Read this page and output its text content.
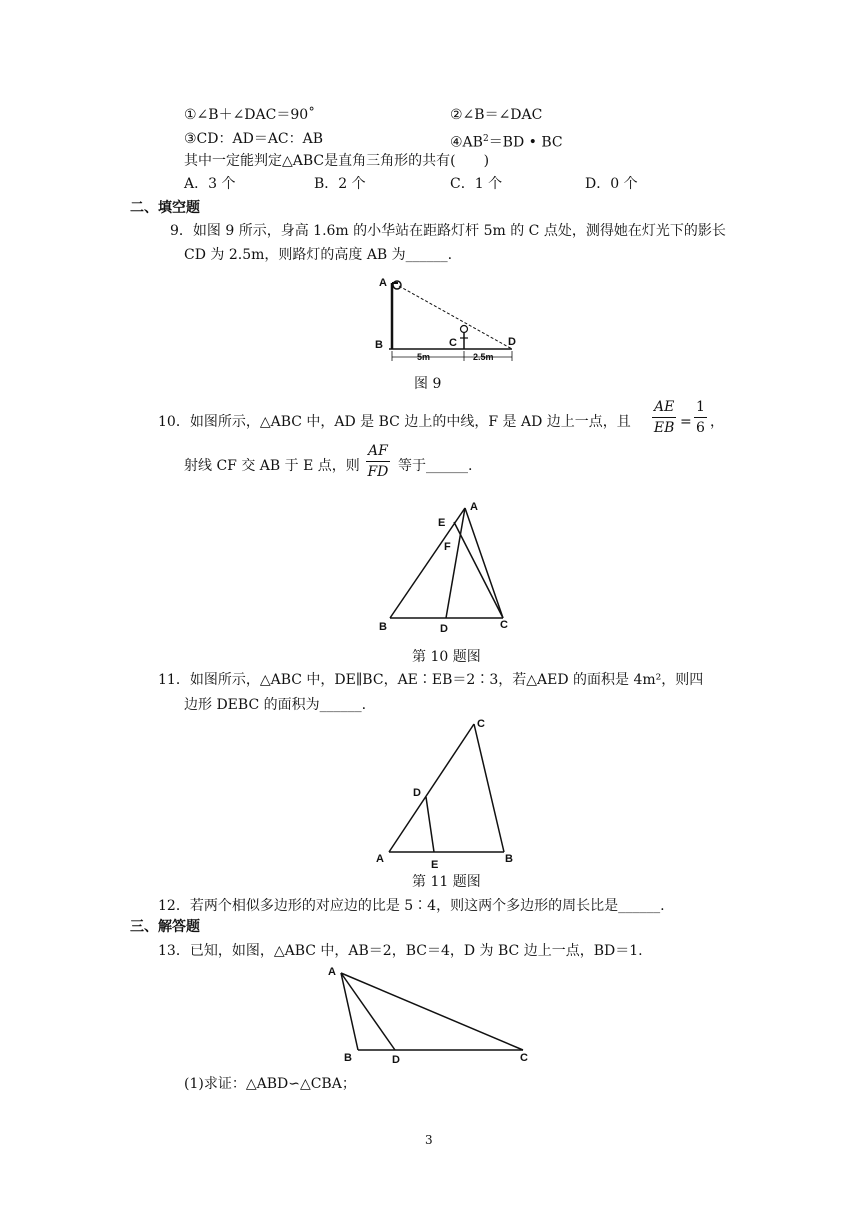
①∠B＋∠DAC＝90˚	②∠B＝∠DAC
③CD：AD＝AC：AB	$④AB^2=BD$ • BC
其中一定能判定△ABC是直角三角形的共有(　　)
A．3 个	B．2 个	C．1 个	D．0 个
二、填空题
9．如图 9 所示，身高 1.6m 的小华站在距路灯杆 5m 的 C 点处，测得她在灯光下的影长
CD 为 2.5m，则路灯的高度 AB 为______.
A
B	C	D
5m	2.5m
图 9
10．如图所示，△ABC 中，AD 是 BC 边上的中线，F 是 AD 边上一点，且 $\frac{AE}{EB} = \frac{1}{6}$ ，
射线 CF 交 AB 于 E 点，则 $\frac{AF}{FD}$ 等于______.
A
E
F
B	D	C
第 10 题图
11．如图所示，△ABC 中，DE∥BC，AE∶EB＝2∶3，若△AED 的面积是 4m²，则四
边形 DEBC 的面积为______.
C
D
A	E	B
第 11 题图
12．若两个相似多边形的对应边的比是 5∶4，则这两个多边形的周长比是______.
三、解答题
13．已知，如图，△ABC 中，AB＝2，BC＝4，D 为 BC 边上一点，BD＝1.
A
B	D	C
(1)求证：△ABD∽△CBA；
3
